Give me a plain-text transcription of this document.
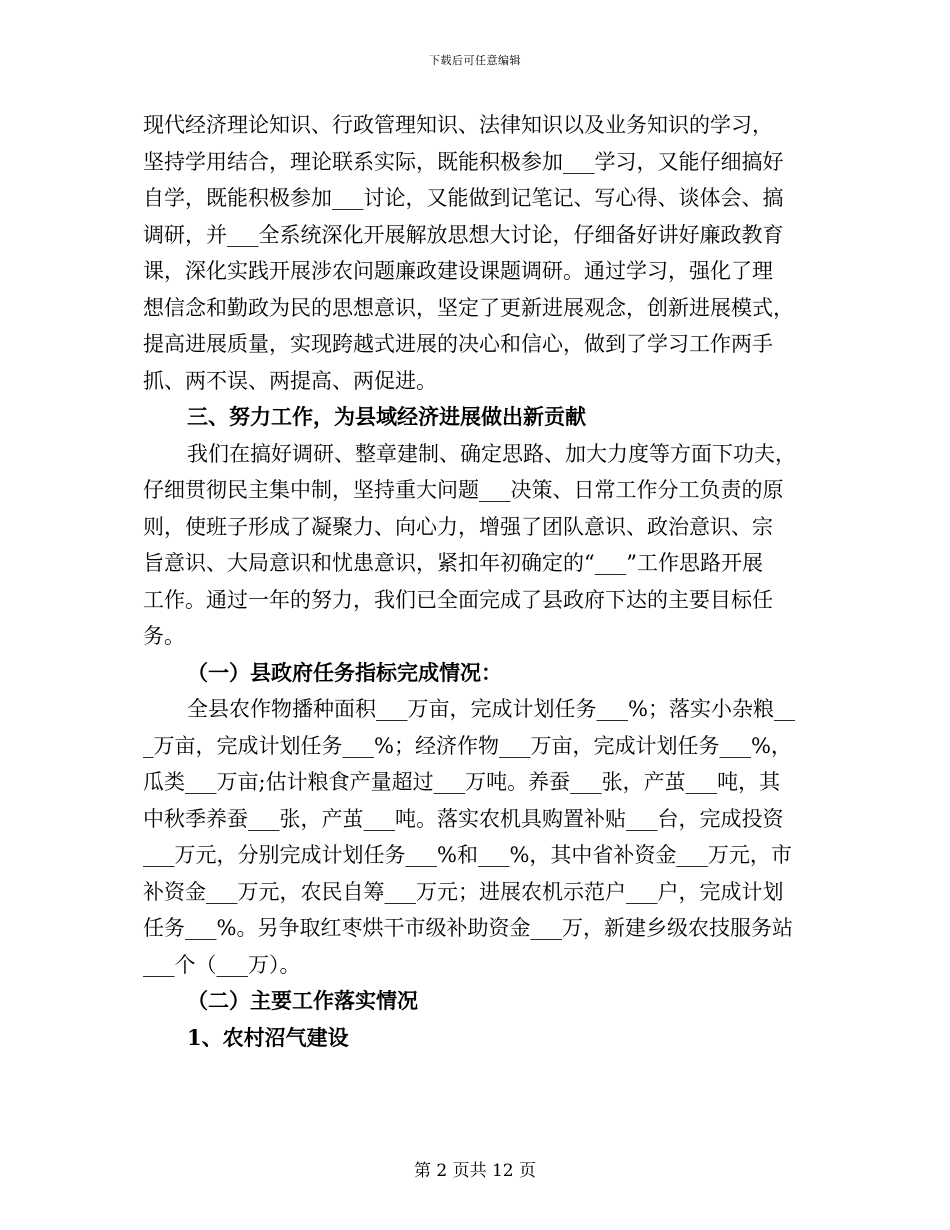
下载后可任意编辑
现代经济理论知识、行政管理知识、法律知识以及业务知识的学习，
坚持学用结合，理论联系实际，既能积极参加___学习，又能仔细搞好
自学，既能积极参加___讨论，又能做到记笔记、写心得、谈体会、搞
调研，并___全系统深化开展解放思想大讨论，仔细备好讲好廉政教育
课，深化实践开展涉农问题廉政建设课题调研。通过学习，强化了理
想信念和勤政为民的思想意识，坚定了更新进展观念，创新进展模式，
提高进展质量，实现跨越式进展的决心和信心，做到了学习工作两手
抓、两不误、两提高、两促进。
三、努力工作，为县域经济进展做出新贡献
我们在搞好调研、整章建制、确定思路、加大力度等方面下功夫，
仔细贯彻民主集中制，坚持重大问题___决策、日常工作分工负责的原
则，使班子形成了凝聚力、向心力，增强了团队意识、政治意识、宗
旨意识、大局意识和忧患意识，紧扣年初确定的“___”工作思路开展
工作。通过一年的努力，我们已全面完成了县政府下达的主要目标任
务。
（一）县政府任务指标完成情况：
全县农作物播种面积___万亩，完成计划任务___%；落实小杂粮__
_万亩，完成计划任务___%；经济作物___万亩，完成计划任务___%，
瓜类___万亩;估计粮食产量超过___万吨。养蚕___张，产茧___吨，其
中秋季养蚕___张，产茧___吨。落实农机具购置补贴___台，完成投资
___万元，分别完成计划任务___%和___%，其中省补资金___万元，市
补资金___万元，农民自筹___万元；进展农机示范户___户，完成计划
任务___%。另争取红枣烘干市级补助资金___万，新建乡级农技服务站
___个（___万）。
（二）主要工作落实情况
1、农村沼气建设
第 2 页共 12 页
